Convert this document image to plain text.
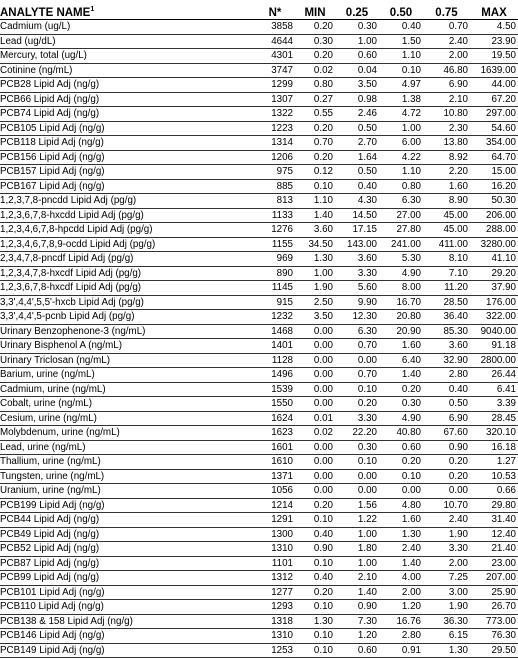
ANALYTE NAME$^1$	N*	MIN	0.25	0.50	0.75	MAX
Cadmium (ug/L)	3858	0.20	0.30	0.40	0.70	4.50
Lead (ug/dL)	4644	0.30	1.00	1.50	2.40	23.90
Mercury, total (ug/L)	4301	0.20	0.60	1.10	2.00	19.50
Cotinine (ng/mL)	3747	0.02	0.04	0.10	46.80	1639.00
PCB28 Lipid Adj (ng/g)	1299	0.80	3.50	4.97	6.90	44.00
PCB66 Lipid Adj (ng/g)	1307	0.27	0.98	1.38	2.10	67.20
PCB74 Lipid Adj (ng/g)	1322	0.55	2.46	4.72	10.80	297.00
PCB105 Lipid Adj (ng/g)	1223	0.20	0.50	1.00	2.30	54.60
PCB118 Lipid Adj (ng/g)	1314	0.70	2.70	6.00	13.80	354.00
PCB156 Lipid Adj (ng/g)	1206	0.20	1.64	4.22	8.92	64.70
PCB157 Lipid Adj (ng/g)	975	0.12	0.50	1.10	2.20	15.00
PCB167 Lipid Adj (ng/g)	885	0.10	0.40	0.80	1.60	16.20
1,2,3,7,8-pncdd Lipid Adj (pg/g)	813	1.10	4.30	6.30	8.90	50.30
1,2,3,6,7,8-hxcdd Lipid Adj (pg/g)	1133	1.40	14.50	27.00	45.00	206.00
1,2,3,4,6,7,8-hpcdd Lipid Adj (pg/g)	1276	3.60	17.15	27.80	45.00	288.00
1,2,3,4,6,7,8,9-ocdd Lipid Adj (pg/g)	1155	34.50	143.00	241.00	411.00	3280.00
2,3,4,7,8-pncdf Lipid Adj (pg/g)	969	1.30	3.60	5.30	8.10	41.10
1,2,3,4,7,8-hxcdf Lipid Adj (pg/g)	890	1.00	3.30	4.90	7.10	29.20
1,2,3,6,7,8-hxcdf Lipid Adj (pg/g)	1145	1.90	5.60	8.00	11.20	37.90
3,3',4,4',5,5'-hxcb Lipid Adj (pg/g)	915	2.50	9.90	16.70	28.50	176.00
3,3',4,4',5-pcnb Lipid Adj (pg/g)	1232	3.50	12.30	20.80	36.40	322.00
Urinary Benzophenone-3 (ng/mL)	1468	0.00	6.30	20.90	85.30	9040.00
Urinary Bisphenol A (ng/mL)	1401	0.00	0.70	1.60	3.60	91.18
Urinary Triclosan (ng/mL)	1128	0.00	0.00	6.40	32.90	2800.00
Barium, urine (ng/mL)	1496	0.00	0.70	1.40	2.80	26.44
Cadmium, urine (ng/mL)	1539	0.00	0.10	0.20	0.40	6.41
Cobalt, urine (ng/mL)	1550	0.00	0.20	0.30	0.50	3.39
Cesium, urine (ng/mL)	1624	0.01	3.30	4.90	6.90	28.45
Molybdenum, urine (ng/mL)	1623	0.02	22.20	40.80	67.60	320.10
Lead, urine (ng/mL)	1601	0.00	0.30	0.60	0.90	16.18
Thallium, urine (ng/mL)	1610	0.00	0.10	0.20	0.20	1.27
Tungsten, urine (ng/mL)	1371	0.00	0.00	0.10	0.20	10.53
Uranium, urine (ng/mL)	1056	0.00	0.00	0.00	0.00	0.66
PCB199 Lipid Adj (ng/g)	1214	0.20	1.56	4.80	10.70	29.80
PCB44 Lipid Adj (ng/g)	1291	0.10	1.22	1.60	2.40	31.40
PCB49 Lipid Adj (ng/g)	1300	0.40	1.00	1.30	1.90	12.40
PCB52 Lipid Adj (ng/g)	1310	0.90	1.80	2.40	3.30	21.40
PCB87 Lipid Adj (ng/g)	1101	0.10	1.00	1.40	2.00	23.00
PCB99 Lipid Adj (ng/g)	1312	0.40	2.10	4.00	7.25	207.00
PCB101 Lipid Adj (ng/g)	1277	0.20	1.40	2.00	3.00	25.90
PCB110 Lipid Adj (ng/g)	1293	0.10	0.90	1.20	1.90	26.70
PCB138 & 158 Lipid Adj (ng/g)	1318	1.30	7.30	16.76	36.30	773.00
PCB146 Lipid Adj (ng/g)	1310	0.10	1.20	2.80	6.15	76.30
PCB149 Lipid Adj (ng/g)	1253	0.10	0.60	0.91	1.30	29.50
